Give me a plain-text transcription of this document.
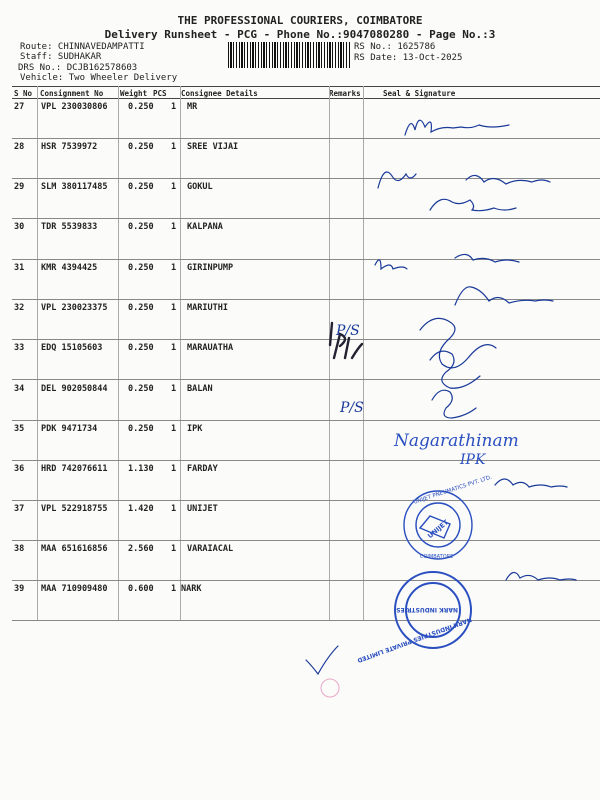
THE PROFESSIONAL COURIERS, COIMBATORE
Delivery Runsheet - PCG - Phone No.:9047080280 - Page No.:3
Route: CHINNAVEDAMPATTI
Staff: SUDHAKAR
DRS No.: DCJB162578603
Vehicle: Two Wheeler Delivery
RS No.: 1625786
RS Date: 13-Oct-2025
S No Consignment No Weight PCS Consignee Details	Remarks	Seal & Signature
27 VPL 230030806 0.250 1 MR
28 HSR 7539972	0.250 1 SREE VIJAI
29 SLM 380117485 0.250 1 GOKUL
30 TDR 5539833	0.250 1 KALPANA
31 KMR 4394425	0.250 1 GIRINPUMP
32 VPL 230023375 0.250 1 MARIUTHI
33 EDQ 15105603	0.250 1 MARAUATHA
34 DEL 902050844 0.250 1 BALAN
35 PDK 9471734	0.250 1 IPK
36 HRD 742076611 1.130 1 FARDAY
37 VPL 522918755 1.420 1 UNIJET
38 MAA 651616856 2.560 1 VARAIACAL
39 MAA 710909480 0.600 1 NARK
P/S
P/S
Nagarathinam
IPK
UNIJET PNEUMATICS PVT. LTD.
UNIJET
COIMBATORE
NARK INDUSTRIES PRIVATE LIMITED
NARK INDUSTRIES
